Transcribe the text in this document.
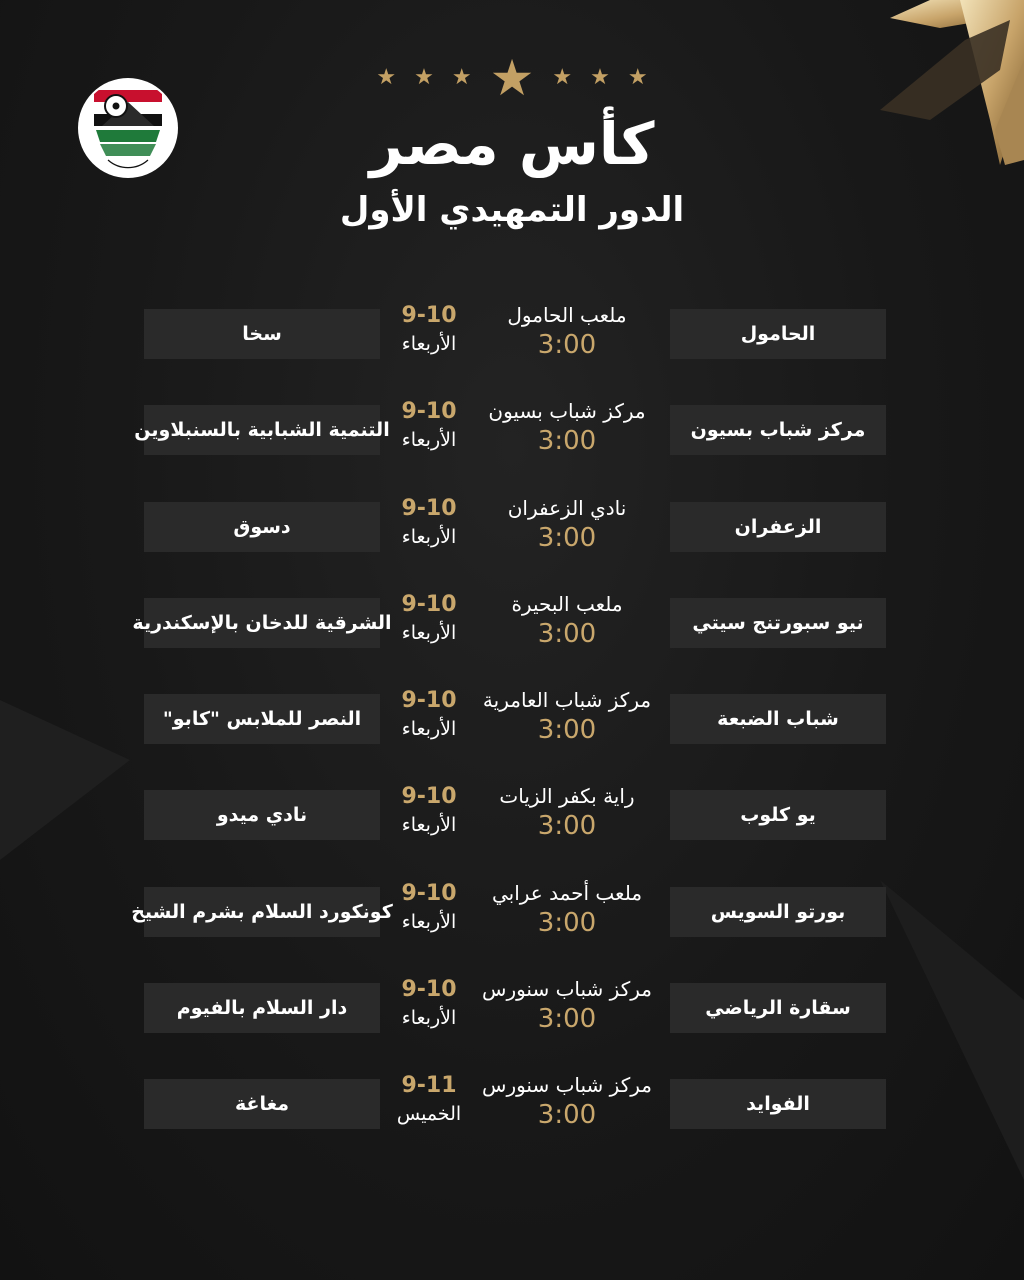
★ ★ ★ ★ ★ ★ ★
كأس مصر
الدور التمهيدي الأول
الحامول
ملعب الحامول
3:00
9-10
الأربعاء
سخا
مركز شباب بسيون
مركز شباب بسيون
3:00
9-10
الأربعاء
التنمية الشبابية بالسنبلاوين
الزعفران
نادي الزعفران
3:00
9-10
الأربعاء
دسوق
نيو سبورتنج سيتي
ملعب البحيرة
3:00
9-10
الأربعاء
الشرقية للدخان بالإسكندرية
شباب الضبعة
مركز شباب العامرية
3:00
9-10
الأربعاء
النصر للملابس "كابو"
يو كلوب
راية بكفر الزيات
3:00
9-10
الأربعاء
نادي ميدو
بورتو السويس
ملعب أحمد عرابي
3:00
9-10
الأربعاء
كونكورد السلام بشرم الشيخ
سقارة الرياضي
مركز شباب سنورس
3:00
9-10
الأربعاء
دار السلام بالفيوم
الفوايد
مركز شباب سنورس
3:00
9-11
الخميس
مغاغة
